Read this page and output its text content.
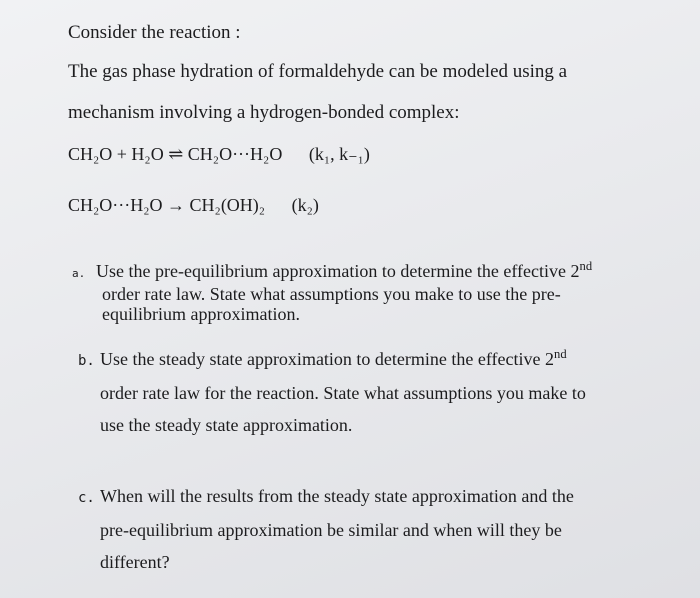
Consider the reaction :
The gas phase hydration of formaldehyde can be modeled using a
mechanism involving a hydrogen-bonded complex:
CH₂O + H₂O ⇌ CH₂O···H₂O (k₁, k₋₁)
CH₂O···H₂O → CH₂(OH)₂ (k₂)
a. Use the pre-equilibrium approximation to determine the effective 2nd
order rate law. State what assumptions you make to use the pre-
equilibrium approximation.
b. Use the steady state approximation to determine the effective 2nd
order rate law for the reaction. State what assumptions you make to
use the steady state approximation.
c. When will the results from the steady state approximation and the
pre-equilibrium approximation be similar and when will they be
different?
